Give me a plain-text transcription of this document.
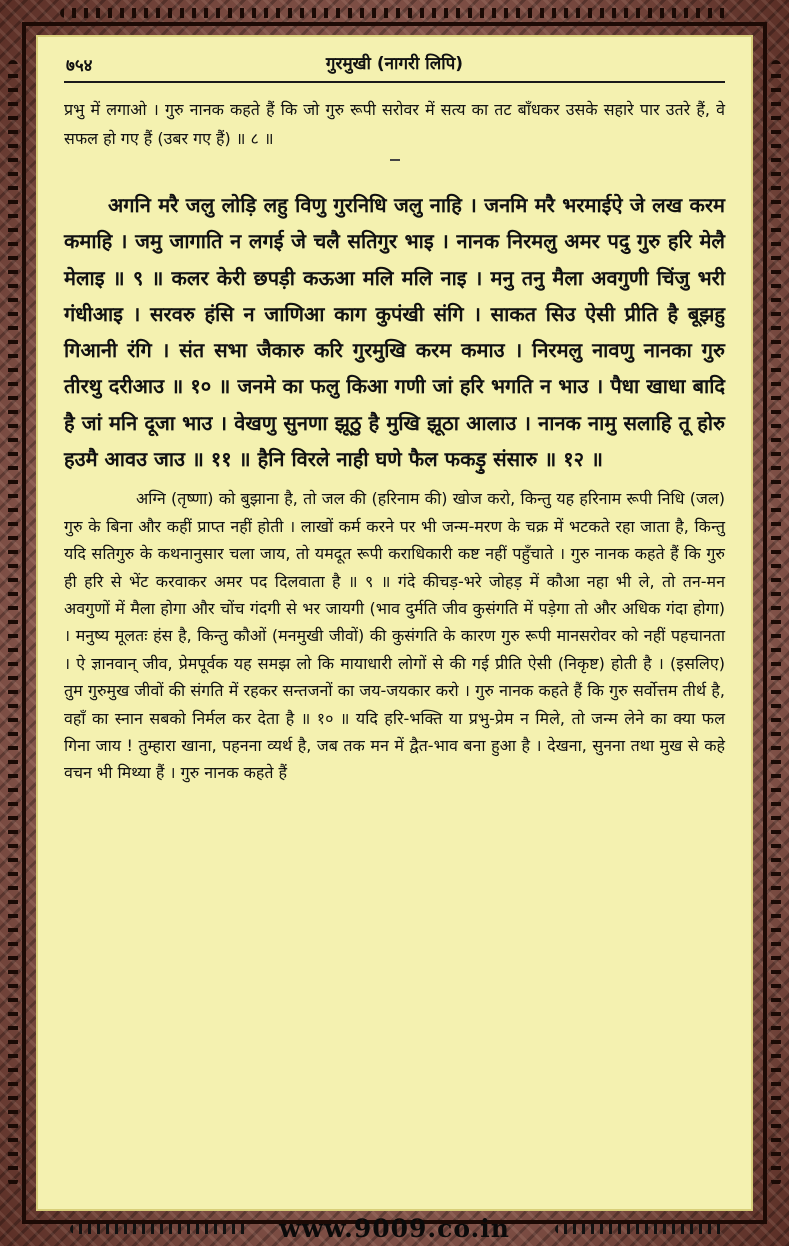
७५४	गुरमुखी (नागरी लिपि)

प्रभु में लगाओ । गुरु नानक कहते हैं कि जो गुरु रूपी सरोवर में सत्य का तट बाँधकर उसके सहारे पार उतरे हैं, वे सफल हो गए हैं (उबर गए हैं) ॥ ८ ॥

अगनि मरै जलु लोड़ि लहु विणु गुरनिधि जलु नाहि । जनमि मरै भरमाईऐ जे लख करम कमाहि । जमु जागाति न लगई जे चलै सतिगुर भाइ । नानक निरमलु अमर पदु गुरु हरि मेलै मेलाइ ॥ ९ ॥ कलर केरी छपड़ी कऊआ मलि मलि नाइ । मनु तनु मैला अवगुणी चिंजु भरी गंधीआइ । सरवरु हंसि न जाणिआ काग कुपंखी संगि । साकत सिउ ऐसी प्रीति है बूझहु गिआनी रंगि । संत सभा जैकारु करि गुरमुखि करम कमाउ । निरमलु नावणु नानका गुरु तीरथु दरीआउ ॥ १० ॥ जनमे का फलु किआ गणी जां हरि भगति न भाउ । पैधा खाधा बादि है जां मनि दूजा भाउ । वेखणु सुनणा झूठु है मुखि झूठा आलाउ । नानक नामु सलाहि तू होरु हउमै आवउ जाउ ॥ ११ ॥ हैनि विरले नाही घणे फैल फकड़ु संसारु ॥ १२ ॥

अग्नि (तृष्णा) को बुझाना है, तो जल की (हरिनाम की) खोज करो, किन्तु यह हरिनाम रूपी निधि (जल) गुरु के बिना और कहीं प्राप्त नहीं होती । लाखों कर्म करने पर भी जन्म-मरण के चक्र में भटकते रहा जाता है, किन्तु यदि सतिगुरु के कथनानुसार चला जाय, तो यमदूत रूपी कराधिकारी कष्ट नहीं पहुँचाते । गुरु नानक कहते हैं कि गुरु ही हरि से भेंट करवाकर अमर पद दिलवाता है ॥ ९ ॥ गंदे कीचड़-भरे जोहड़ में कौआ नहा भी ले, तो तन-मन अवगुणों में मैला होगा और चोंच गंदगी से भर जायगी (भाव दुर्मति जीव कुसंगति में पड़ेगा तो और अधिक गंदा होगा) । मनुष्य मूलतः हंस है, किन्तु कौओं (मनमुखी जीवों) की कुसंगति के कारण गुरु रूपी मानसरोवर को नहीं पहचानता । ऐ ज्ञानवान् जीव, प्रेमपूर्वक यह समझ लो कि मायाधारी लोगों से की गई प्रीति ऐसी (निकृष्ट) होती है । (इसलिए) तुम गुरुमुख जीवों की संगति में रहकर सन्तजनों का जय-जयकार करो । गुरु नानक कहते हैं कि गुरु सर्वोत्तम तीर्थ है, वहाँ का स्नान सबको निर्मल कर देता है ॥ १० ॥ यदि हरि-भक्ति या प्रभु-प्रेम न मिले, तो जन्म लेने का क्या फल गिना जाय ! तुम्हारा खाना, पहनना व्यर्थ है, जब तक मन में द्वैत-भाव बना हुआ है । देखना, सुनना तथा मुख से कहे वचन भी मिथ्या हैं । गुरु नानक कहते हैं

www.9009.co.in
